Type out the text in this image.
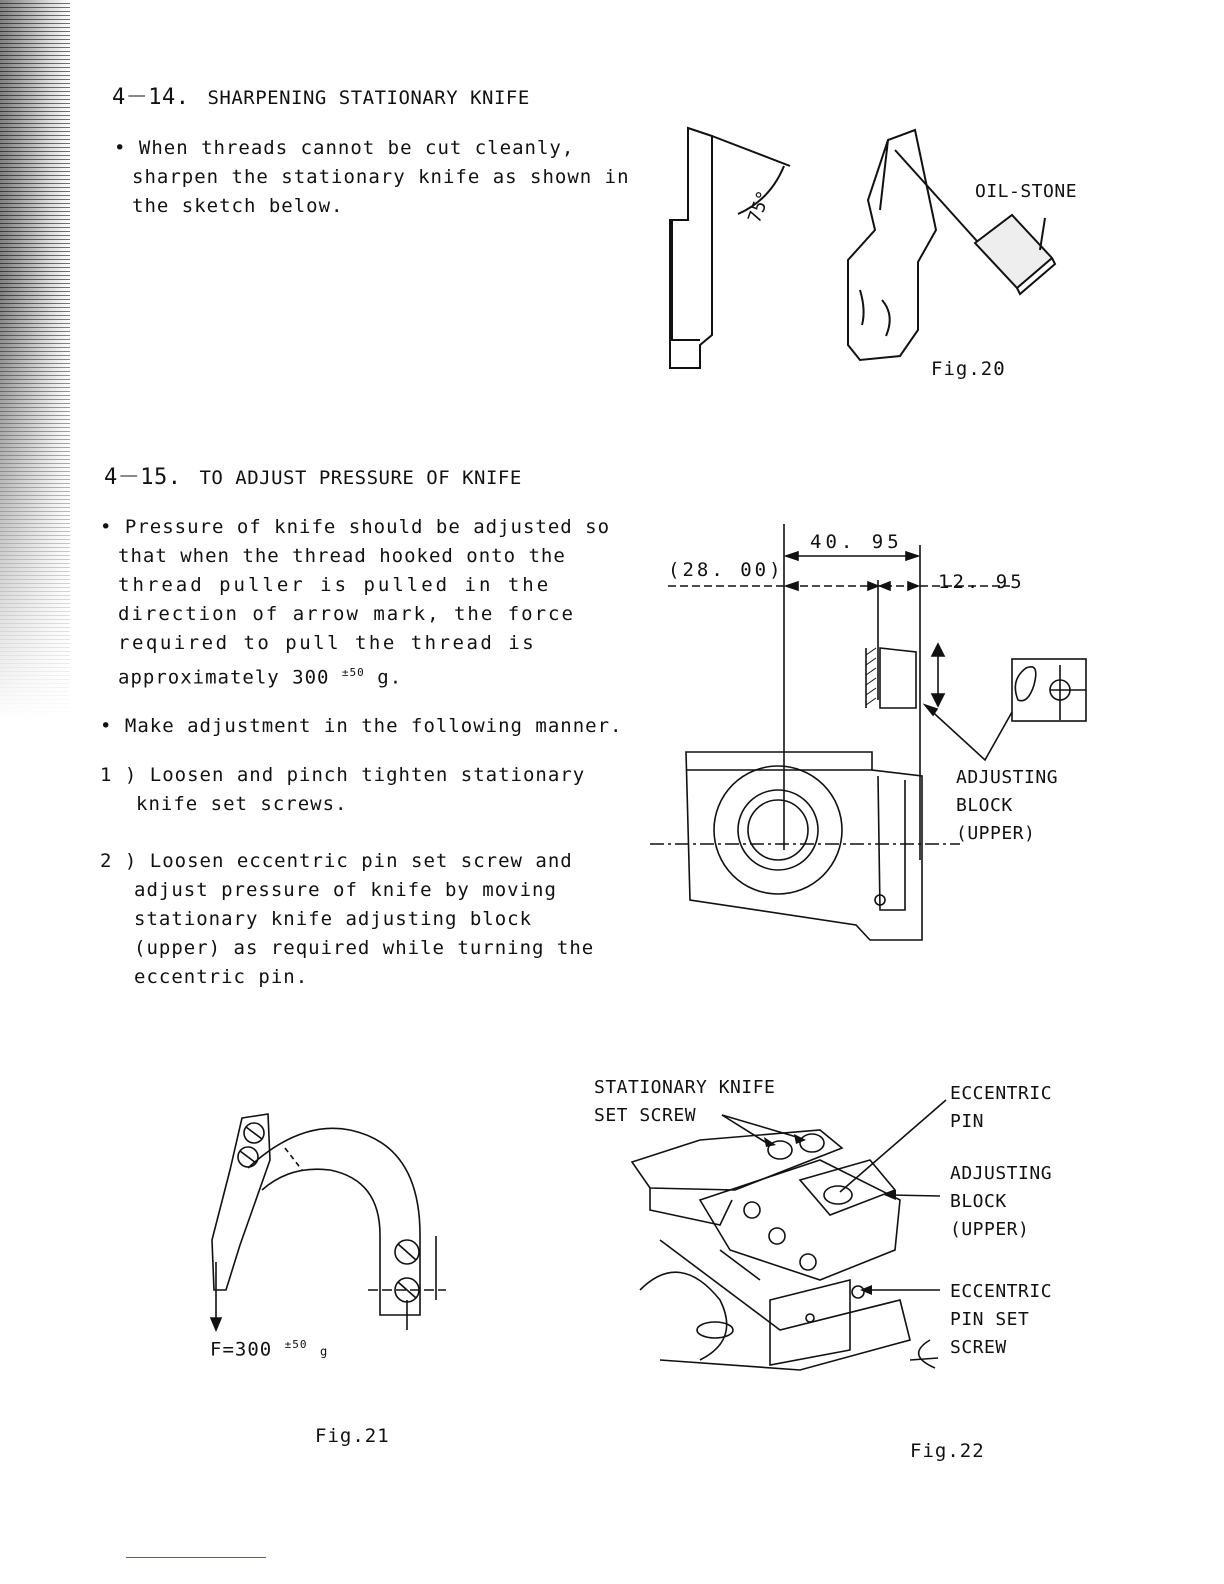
4－14. SHARPENING STATIONARY KNIFE
• When threads cannot be cut cleanly,
sharpen the stationary knife as shown in
the sketch below.	75°	OIL-STONE
Fig.20
4－15. TO ADJUST PRESSURE OF KNIFE
• Pressure of knife should be adjusted so
that when the thread hooked onto the
thread puller is pulled in the
direction of arrow mark, the force
required to pull the thread is
approximately 300 $^{\pm 50}$ g.
• Make adjustment in the following manner.
1 ) Loosen and pinch tighten stationary
knife set screws.
2 ) Loosen eccentric pin set screw and
adjust pressure of knife by moving
stationary knife adjusting block
(upper) as required while turning the
eccentric pin.
40. 95
(28. 00)
12. 95
ADJUSTING
BLOCK
(UPPER)
F=300 $^{\pm 50}$ g
Fig.21
STATIONARY KNIFE
SET SCREW
ECCENTRIC
PIN
ADJUSTING
BLOCK
(UPPER)
ECCENTRIC
PIN SET
SCREW
Fig.22
